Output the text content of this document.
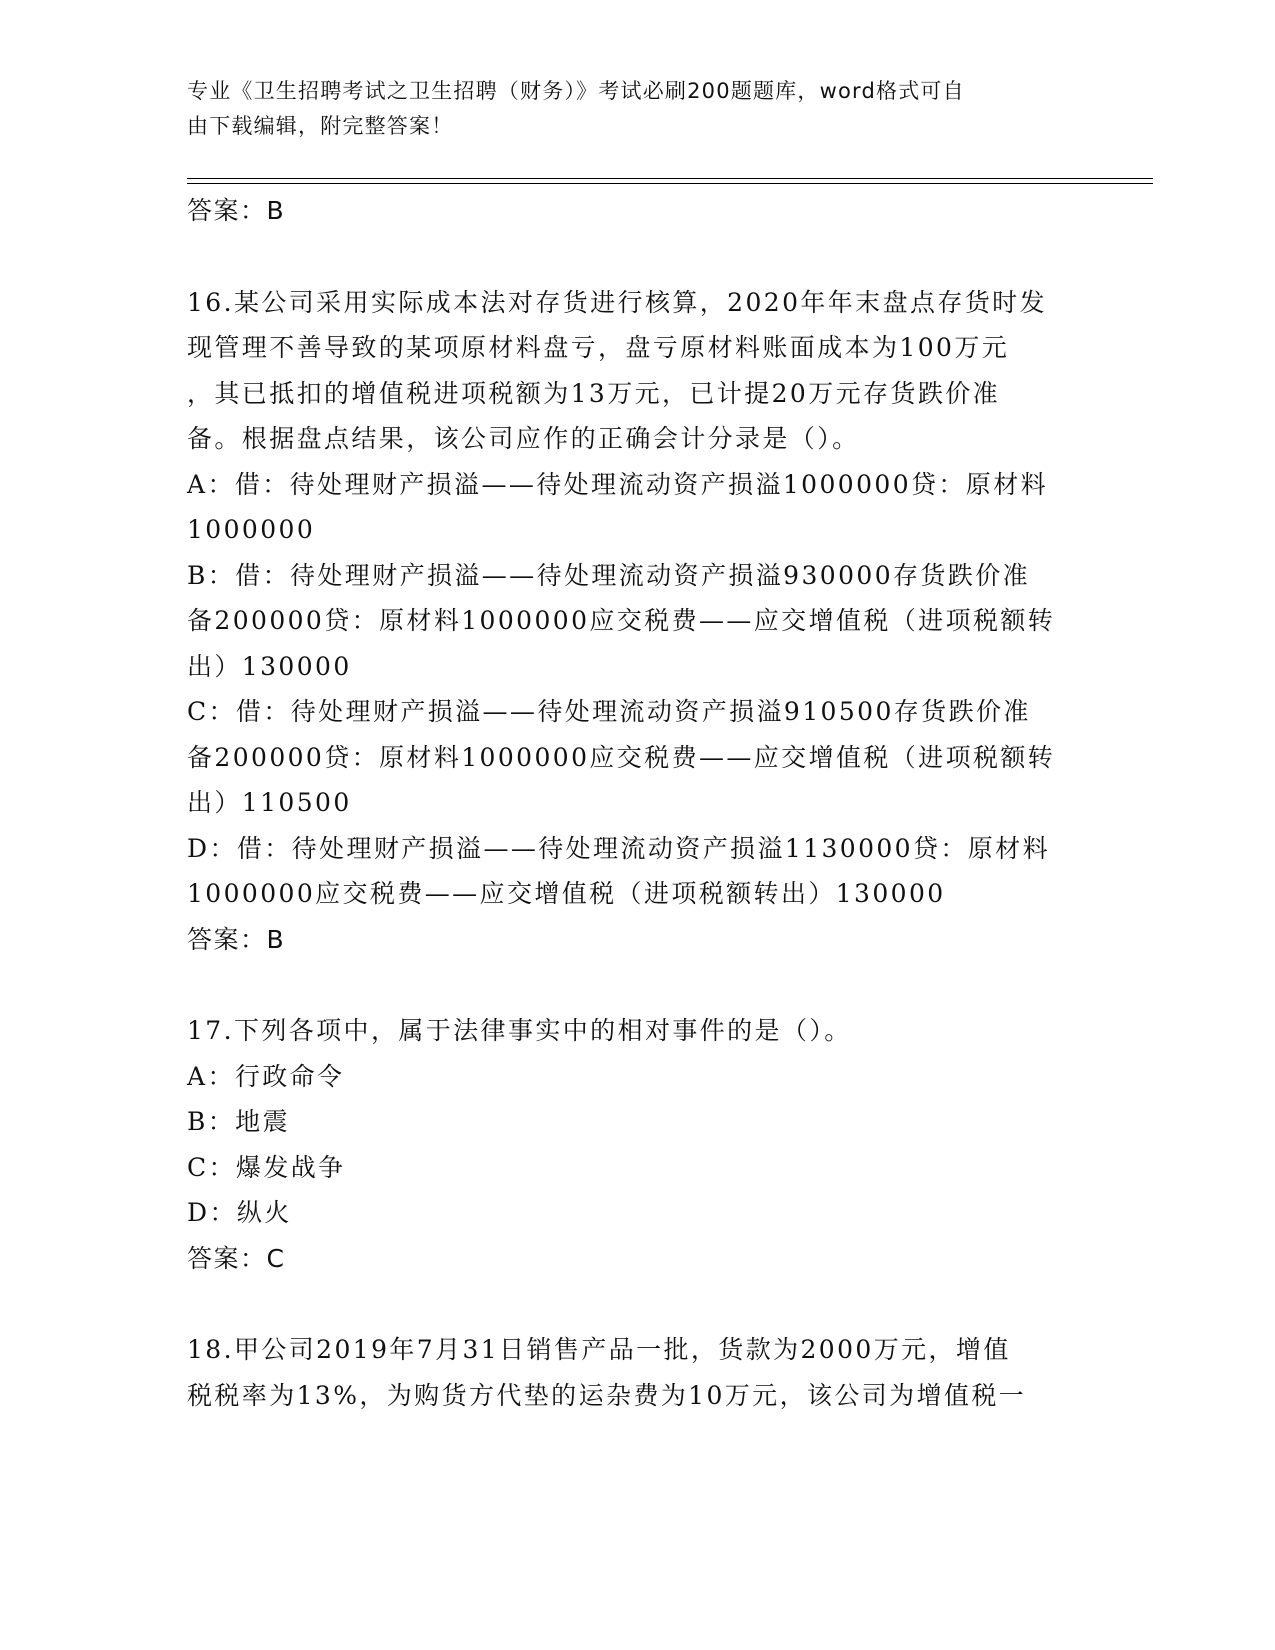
专业《卫生招聘考试之卫生招聘（财务）》考试必刷200题题库，word格式可自
由下载编辑，附完整答案！

答案：B

16.某公司采用实际成本法对存货进行核算，2020年年末盘点存货时发

现管理不善导致的某项原材料盘亏，盘亏原材料账面成本为100万元

，其已抵扣的增值税进项税额为13万元，已计提20万元存货跌价准

备。根据盘点结果，该公司应作的正确会计分录是（）。

A：借：待处理财产损溢——待处理流动资产损溢1000000贷：原材料

1000000

B：借：待处理财产损溢——待处理流动资产损溢930000存货跌价准

备200000贷：原材料1000000应交税费——应交增值税（进项税额转

出）130000

C：借：待处理财产损溢——待处理流动资产损溢910500存货跌价准

备200000贷：原材料1000000应交税费——应交增值税（进项税额转

出）110500

D：借：待处理财产损溢——待处理流动资产损溢1130000贷：原材料

1000000应交税费——应交增值税（进项税额转出）130000

答案：B

17.下列各项中，属于法律事实中的相对事件的是（）。

A：行政命令

B：地震

C：爆发战争

D：纵火

答案：C

18.甲公司2019年7月31日销售产品一批，货款为2000万元，增值

税税率为13%，为购货方代垫的运杂费为10万元，该公司为增值税一
